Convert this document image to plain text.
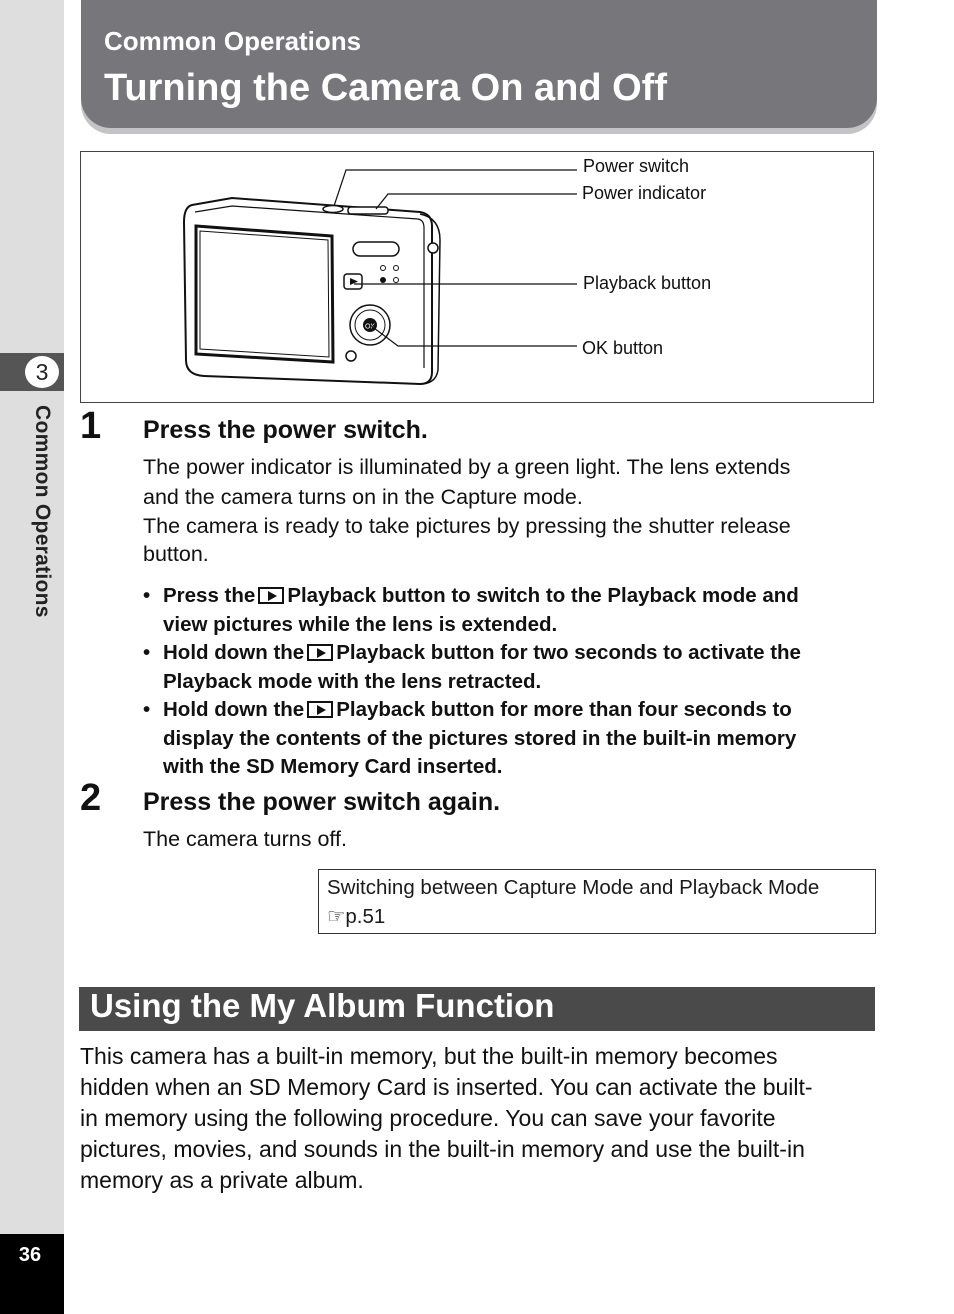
3
Common Operations
36
Common Operations
Turning the Camera On and Off
OK
Power switch
Power indicator
Playback button
OK button
1 Press the power switch.
The power indicator is illuminated by a green light. The lens extends
and the camera turns on in the Capture mode.
The camera is ready to take pictures by pressing the shutter release
button.
• Press the Playback button to switch to the Playback mode and
view pictures while the lens is extended.
• Hold down the Playback button for two seconds to activate the
Playback mode with the lens retracted.
• Hold down the Playback button for more than four seconds to
display the contents of the pictures stored in the built-in memory
with the SD Memory Card inserted.
2 Press the power switch again.
The camera turns off.
Switching between Capture Mode and Playback Mode
☞p.51
Using the My Album Function
This camera has a built-in memory, but the built-in memory becomes
hidden when an SD Memory Card is inserted. You can activate the built-
in memory using the following procedure. You can save your favorite
pictures, movies, and sounds in the built-in memory and use the built-in
memory as a private album.
